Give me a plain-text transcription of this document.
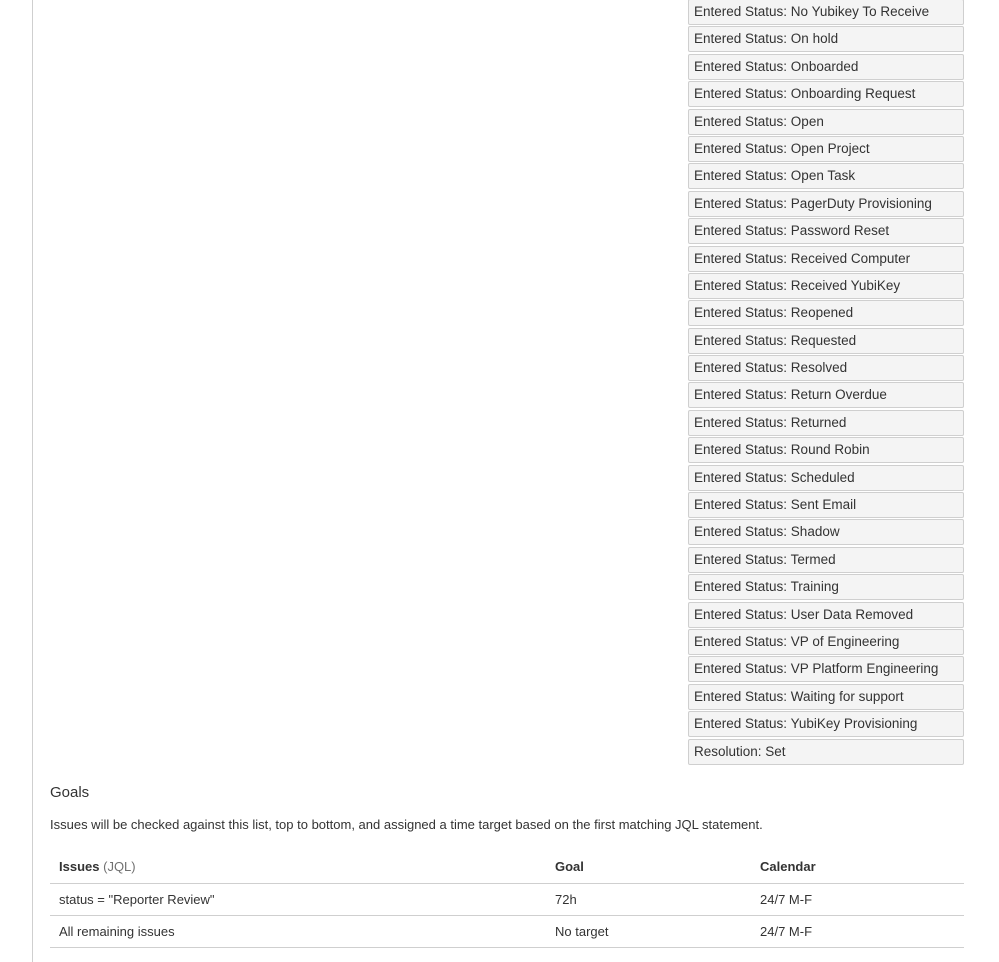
Entered Status: No Yubikey To Receive
Entered Status: On hold
Entered Status: Onboarded
Entered Status: Onboarding Request
Entered Status: Open
Entered Status: Open Project
Entered Status: Open Task
Entered Status: PagerDuty Provisioning
Entered Status: Password Reset
Entered Status: Received Computer
Entered Status: Received YubiKey
Entered Status: Reopened
Entered Status: Requested
Entered Status: Resolved
Entered Status: Return Overdue
Entered Status: Returned
Entered Status: Round Robin
Entered Status: Scheduled
Entered Status: Sent Email
Entered Status: Shadow
Entered Status: Termed
Entered Status: Training
Entered Status: User Data Removed
Entered Status: VP of Engineering
Entered Status: VP Platform Engineering
Entered Status: Waiting for support
Entered Status: YubiKey Provisioning
Resolution: Set
Goals

Issues will be checked against this list, top to bottom, and assigned a time target based on the first matching JQL statement.

Issues (JQL)	Goal	Calendar
status = "Reporter Review"	72h	24/7 M-F
All remaining issues	No target	24/7 M-F
